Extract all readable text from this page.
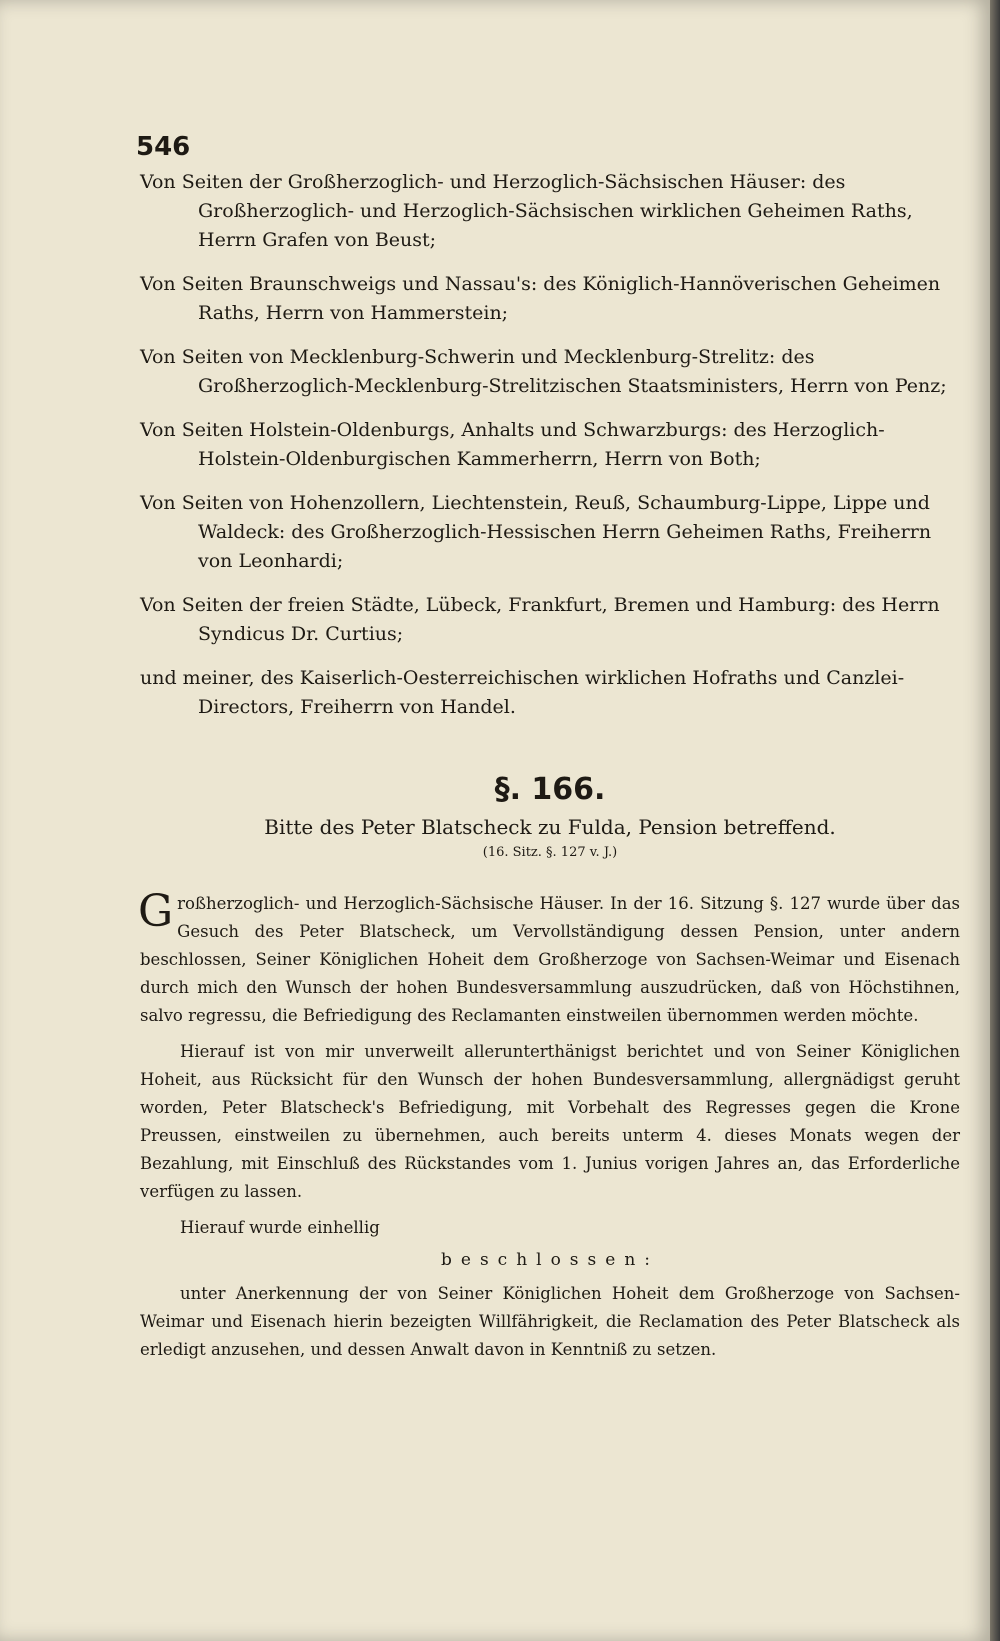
546

Von Seiten der Großherzoglich- und Herzoglich-Sächsischen Häuser: des Großherzoglich- und Herzoglich-Sächsischen wirklichen Geheimen Raths, Herrn Grafen von Beust;

Von Seiten Braunschweigs und Nassau's: des Königlich-Hannöverischen Geheimen Raths, Herrn von Hammerstein;

Von Seiten von Mecklenburg-Schwerin und Mecklenburg-Strelitz: des Großherzoglich-Mecklenburg-Strelitzischen Staatsministers, Herrn von Penz;

Von Seiten Holstein-Oldenburgs, Anhalts und Schwarzburgs: des Herzoglich-Holstein-Oldenburgischen Kammerherrn, Herrn von Both;

Von Seiten von Hohenzollern, Liechtenstein, Reuß, Schaumburg-Lippe, Lippe und Waldeck: des Großherzoglich-Hessischen Herrn Geheimen Raths, Freiherrn von Leonhardi;

Von Seiten der freien Städte, Lübeck, Frankfurt, Bremen und Hamburg: des Herrn Syndicus Dr. Curtius;

und meiner, des Kaiserlich-Oesterreichischen wirklichen Hofraths und Canzlei-Directors, Freiherrn von Handel.

§. 166.

Bitte des Peter Blatscheck zu Fulda, Pension betreffend.

(16. Sitz. §. 127 v. J.)

Großherzoglich- und Herzoglich-Sächsische Häuser. In der 16. Sitzung §. 127 wurde über das Gesuch des Peter Blatscheck, um Vervollständigung dessen Pension, unter andern beschlossen, Seiner Königlichen Hoheit dem Großherzoge von Sachsen-Weimar und Eisenach durch mich den Wunsch der hohen Bundesversammlung auszudrücken, daß von Höchstihnen, salvo regressu, die Befriedigung des Reclamanten einstweilen übernommen werden möchte.

Hierauf ist von mir unverweilt allerunterthänigst berichtet und von Seiner Königlichen Hoheit, aus Rücksicht für den Wunsch der hohen Bundesversammlung, allergnädigst geruht worden, Peter Blatscheck's Befriedigung, mit Vorbehalt des Regresses gegen die Krone Preussen, einstweilen zu übernehmen, auch bereits unterm 4. dieses Monats wegen der Bezahlung, mit Einschluß des Rückstandes vom 1. Junius vorigen Jahres an, das Erforderliche verfügen zu lassen.

Hierauf wurde einhellig

beschlossen:

unter Anerkennung der von Seiner Königlichen Hoheit dem Großherzoge von Sachsen-Weimar und Eisenach hierin bezeigten Willfährigkeit, die Reclamation des Peter Blatscheck als erledigt anzusehen, und dessen Anwalt davon in Kenntniß zu setzen.
